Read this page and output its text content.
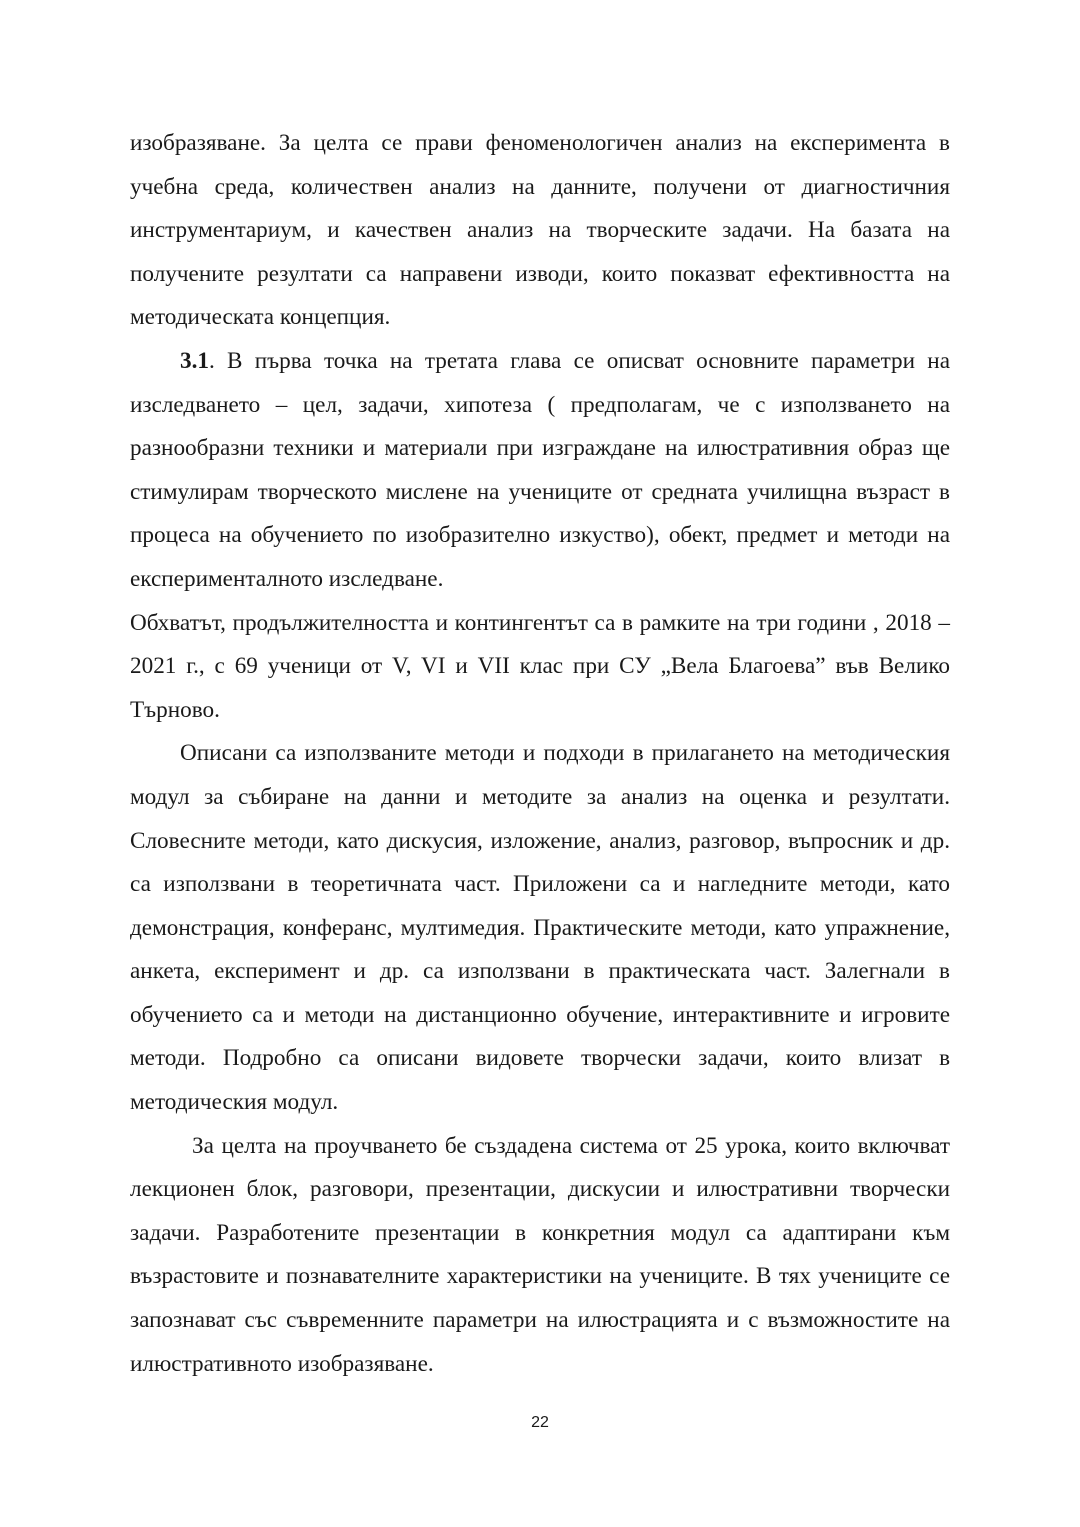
изобразяване. За целта се прави феноменологичен анализ на експеримента в учебна среда, количествен анализ на данните, получени от диагностичния инструментариум, и качествен анализ на творческите задачи. На базата на получените резултати са направени изводи, които показват ефективността на методическата концепция.

3.1. В първа точка на третата глава се описват основните параметри на изследването – цел, задачи, хипотеза ( предполагам, че с използването на разнообразни техники и материали при изграждане на илюстративния образ ще стимулирам творческото мислене на учениците от средната училищна възраст в процеса на обучението по изобразително изкуство), обект, предмет и методи на експерименталното изследване.

Обхватът, продължителността и контингентът са в рамките на три години , 2018 – 2021 г., с 69 ученици от V, VI и VII клас при СУ „Вела Благоева” във Велико Търново.

Описани са използваните методи и подходи в прилагането на методическия модул за събиране на данни и методите за анализ на оценка и резултати. Словесните методи, като дискусия, изложение, анализ, разговор, въпросник и др. са използвани в теоретичната част. Приложени са и нагледните методи, като демонстрация, конферанс, мултимедия. Практическите методи, като упражнение, анкета, експеримент и др. са използвани в практическата част. Залегнали в обучението са и методи на дистанционно обучение, интерактивните и игровите методи. Подробно са описани видовете творчески задачи, които влизат в методическия модул.

За целта на проучването бе създадена система от 25 урока, които включват лекционен блок, разговори, презентации, дискусии и илюстративни творчески задачи. Разработените презентации в конкретния модул са адаптирани към възрастовите и познавателните характеристики на учениците. В тях учениците се запознават със съвременните параметри на илюстрацията и с възможностите на илюстративното изобразяване.

22
